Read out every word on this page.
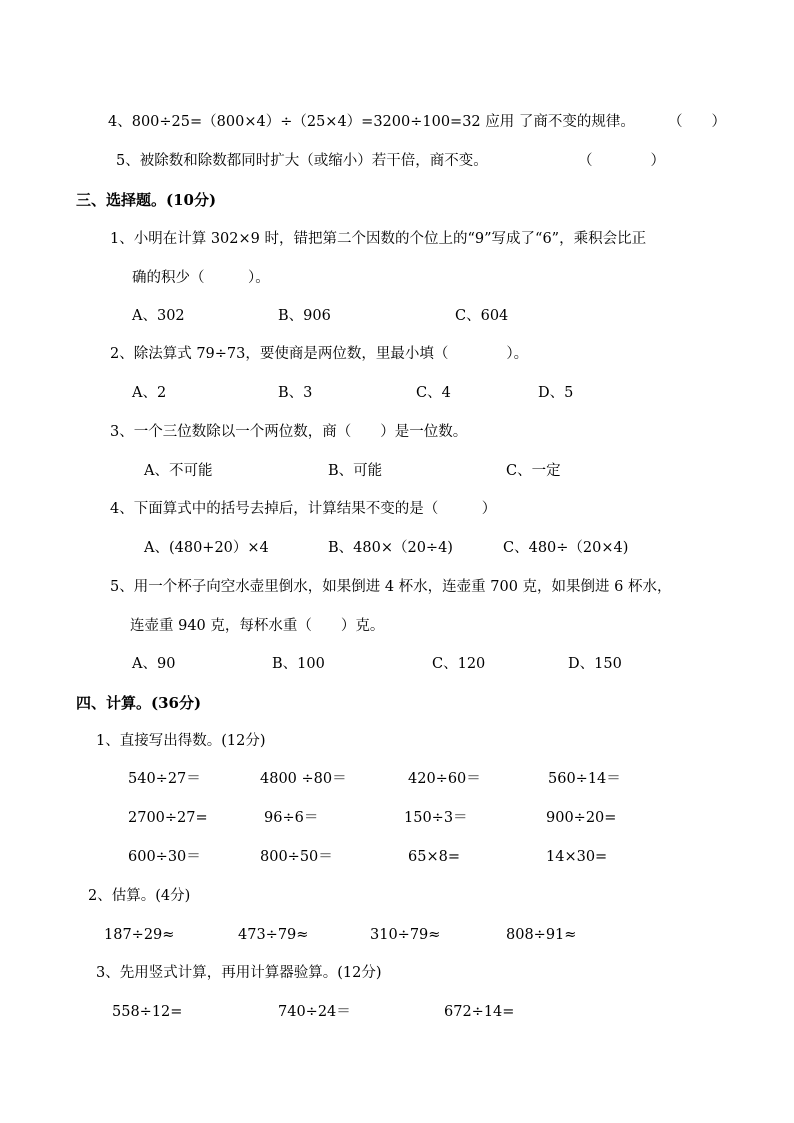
4、800÷25=（800×4）÷（25×4）=3200÷100=32 应用 了商不变的规律。 （　　）
5、被除数和除数都同时扩大（或缩小）若干倍，商不变。	（　　　　）
三、选择题。(10分)
1、小明在计算 302×9 时，错把第二个因数的个位上的“9”写成了“6”，乘积会比正
确的积少（　　　）。
A、302	B、906	C、604
2、除法算式 79÷73，要使商是两位数，里最小填（　　　　）。
A、2	B、3	C、4	D、5
3、一个三位数除以一个两位数，商（　　）是一位数。
A、不可能	B、可能	C、一定
4、下面算式中的括号去掉后，计算结果不变的是（　　　）
A、(480+20）×4	B、480×（20÷4)	C、480÷（20×4)
5、用一个杯子向空水壶里倒水，如果倒进 4 杯水，连壶重 700 克，如果倒进 6 杯水，
连壶重 940 克，每杯水重（　　）克。
A、90	B、100	C、120	D、150
四、计算。(36分)
1、直接写出得数。(12分)
540÷27＝	4800 ÷80＝	420÷60＝	560÷14＝
2700÷27=	96÷6＝	150÷3＝	900÷20=
600÷30＝	800÷50＝	65×8=	14×30=
2、估算。(4分)
187÷29≈	473÷79≈	310÷79≈	808÷91≈
3、先用竖式计算，再用计算器验算。(12分)
558÷12=	740÷24＝	672÷14=
